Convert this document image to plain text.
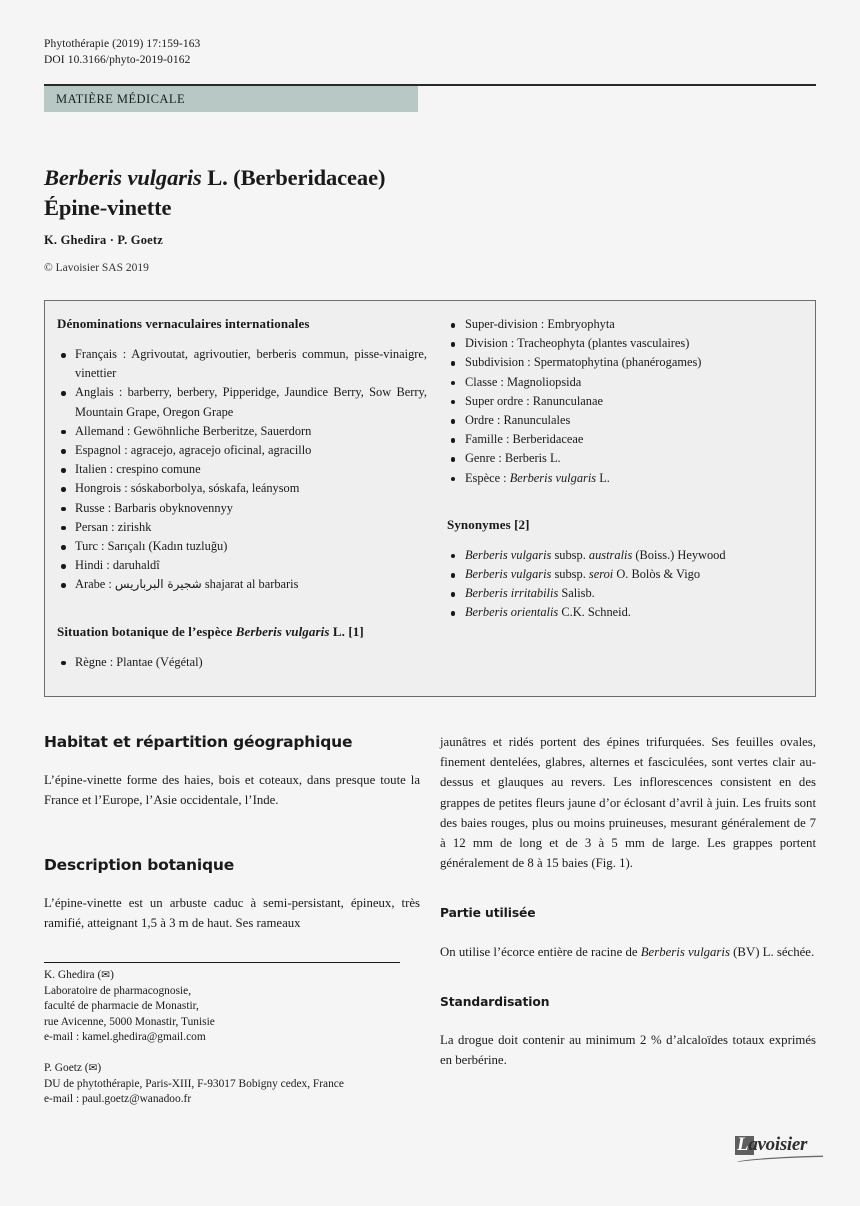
Phytothérapie (2019) 17:159-163
DOI 10.3166/phyto-2019-0162
MATIÈRE MÉDICALE
Berberis vulgaris L. (Berberidaceae)
Épine-vinette
K. Ghedira · P. Goetz
© Lavoisier SAS 2019
Dénominations vernaculaires internationales
Français : Agrivoutat, agrivoutier, berberis commun, pisse-vinaigre, vinettier
Anglais : barberry, berbery, Pipperidge, Jaundice Berry, Sow Berry, Mountain Grape, Oregon Grape
Allemand : Gewöhnliche Berberitze, Sauerdorn
Espagnol : agracejo, agracejo oficinal, agracillo
Italien : crespino comune
Hongrois : sóskaborbolya, sóskafa, leánysom
Russe : Barbaris obyknovennyy
Persan : zirishk
Turc : Sarıçalı (Kadın tuzluğu)
Hindi : daruhaldî
Arabe : شجيرة البرباريس shajarat al barbaris
Situation botanique de l’espèce Berberis vulgaris L. [1]
Règne : Plantae (Végétal)
Super-division : Embryophyta
Division : Tracheophyta (plantes vasculaires)
Subdivision : Spermatophytina (phanérogames)
Classe : Magnoliopsida
Super ordre : Ranunculanae
Ordre : Ranunculales
Famille : Berberidaceae
Genre : Berberis L.
Espèce : Berberis vulgaris L.
Synonymes [2]
Berberis vulgaris subsp. australis (Boiss.) Heywood
Berberis vulgaris subsp. seroi O. Bolòs & Vigo
Berberis irritabilis Salisb.
Berberis orientalis C.K. Schneid.
Habitat et répartition géographique

L’épine-vinette forme des haies, bois et coteaux, dans presque toute la France et l’Europe, l’Asie occidentale, l’Inde.

Description botanique

L’épine-vinette est un arbuste caduc à semi-persistant, épineux, très ramifié, atteignant 1,5 à 3 m de haut. Ses rameaux

jaunâtres et ridés portent des épines trifurquées. Ses feuilles ovales, finement dentelées, glabres, alternes et fasciculées, sont vertes clair au-dessus et glauques au revers. Les inflorescences consistent en des grappes de petites fleurs jaune d’or éclosant d’avril à juin. Les fruits sont des baies rouges, plus ou moins pruineuses, mesurant généralement de 7 à 12 mm de long et de 3 à 5 mm de large. Les grappes portent généralement de 8 à 15 baies (Fig. 1).

Partie utilisée

On utilise l’écorce entière de racine de Berberis vulgaris (BV) L. séchée.

Standardisation

La drogue doit contenir au minimum 2 % d’alcaloïdes totaux exprimés en berbérine.

K. Ghedira (✉)
Laboratoire de pharmacognosie,
faculté de pharmacie de Monastir,
rue Avicenne, 5000 Monastir, Tunisie
e-mail : kamel.ghedira@gmail.com
P. Goetz (✉)
DU de phytothérapie, Paris-XIII, F-93017 Bobigny cedex, France
e-mail : paul.goetz@wanadoo.fr
Lavoisier
